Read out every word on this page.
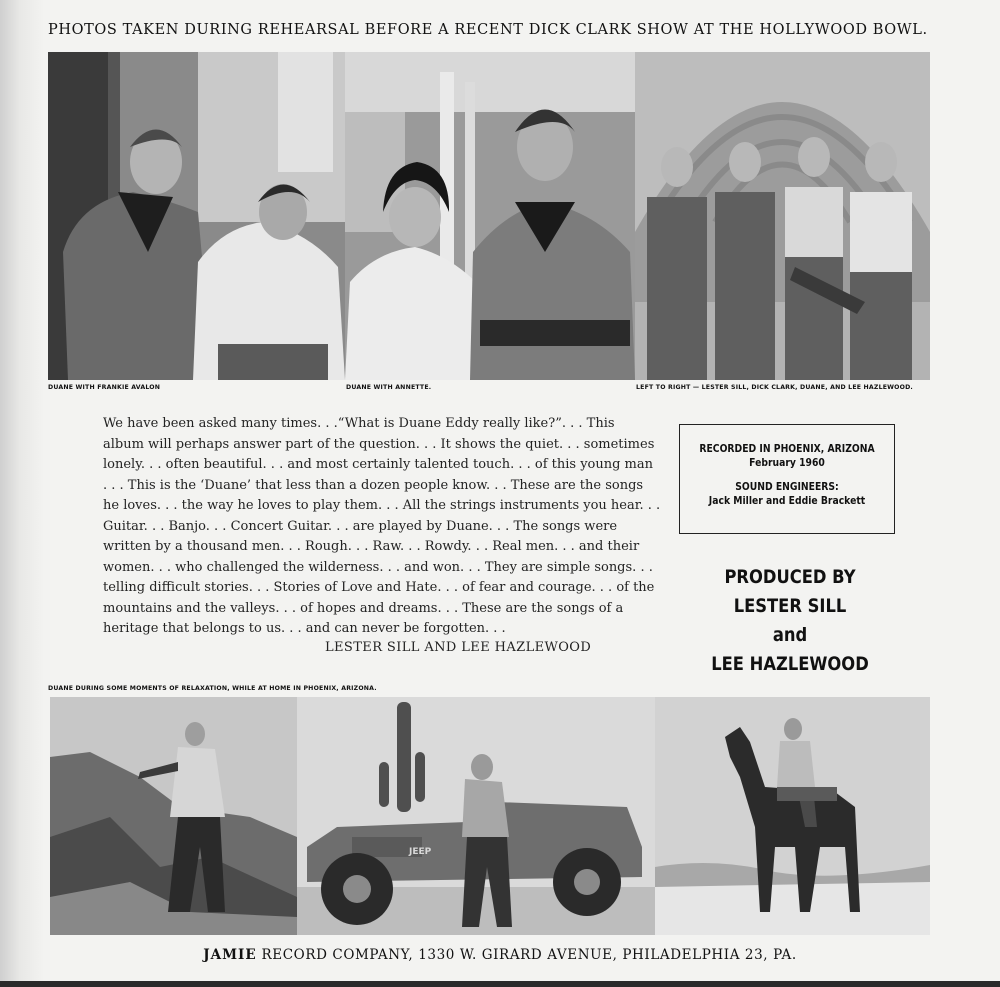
PHOTOS TAKEN DURING REHEARSAL BEFORE A RECENT DICK CLARK SHOW AT THE HOLLYWOOD BOWL.
DUANE WITH FRANKIE AVALON	DUANE WITH ANNETTE.	LEFT TO RIGHT — LESTER SILL, DICK CLARK, DUANE, AND LEE HAZLEWOOD.
We have been asked many times. . .“What is Duane Eddy really like?”. . . This
album will perhaps answer part of the question. . . It shows the quiet. . . sometimes
lonely. . . often beautiful. . . and most certainly talented touch. . . of this young man
. . . This is the ‘Duane’ that less than a dozen people know. . . These are the songs
he loves. . . the way he loves to play them. . . All the strings instruments you hear. . .
Guitar. . . Banjo. . . Concert Guitar. . . are played by Duane. . . The songs were
written by a thousand men. . . Rough. . . Raw. . . Rowdy. . . Real men. . . and their
women. . . who challenged the wilderness. . . and won. . . They are simple songs. . .
telling difficult stories. . . Stories of Love and Hate. . . of fear and courage. . . of the
mountains and the valleys. . . of hopes and dreams. . . These are the songs of a
heritage that belongs to us. . . and can never be forgotten. . .
LESTER SILL AND LEE HAZLEWOOD
RECORDED IN PHOENIX, ARIZONA
February 1960
SOUND ENGINEERS:
Jack Miller and Eddie Brackett
PRODUCED BY
LESTER SILL
and
LEE HAZLEWOOD
DUANE DURING SOME MOMENTS OF RELAXATION, WHILE AT HOME IN PHOENIX, ARIZONA.
JEEP
JAMIE RECORD COMPANY, 1330 W. GIRARD AVENUE, PHILADELPHIA 23, PA.
